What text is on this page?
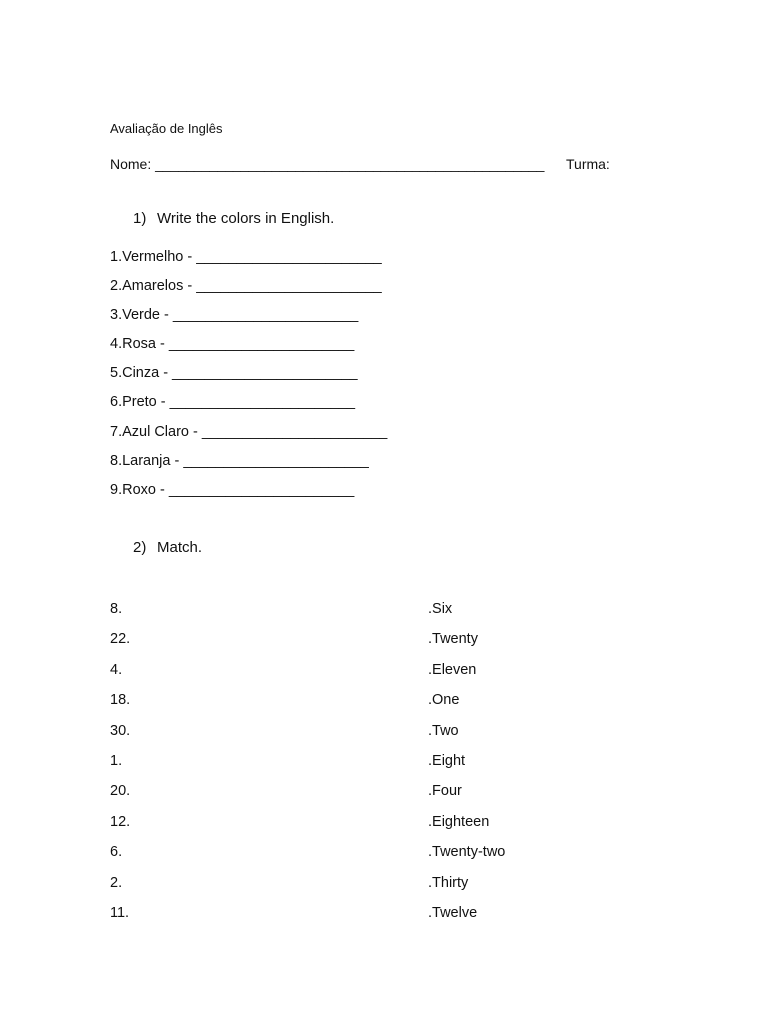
Avaliação de Inglês
Nome: __________________________________________________ Turma:
1) Write the colors in English.
1.Vermelho - _______________________
2.Amarelos - _______________________
3.Verde - _______________________
4.Rosa - _______________________
5.Cinza - _______________________
6.Preto - _______________________
7.Azul Claro - _______________________
8.Laranja - _______________________
9.Roxo - _______________________
2) Match.
8.
22.
4.
18.
30.
1.
20.
12.
6.
2.
11.
.Six
.Twenty
.Eleven
.One
.Two
.Eight
.Four
.Eighteen
.Twenty-two
.Thirty
.Twelve
